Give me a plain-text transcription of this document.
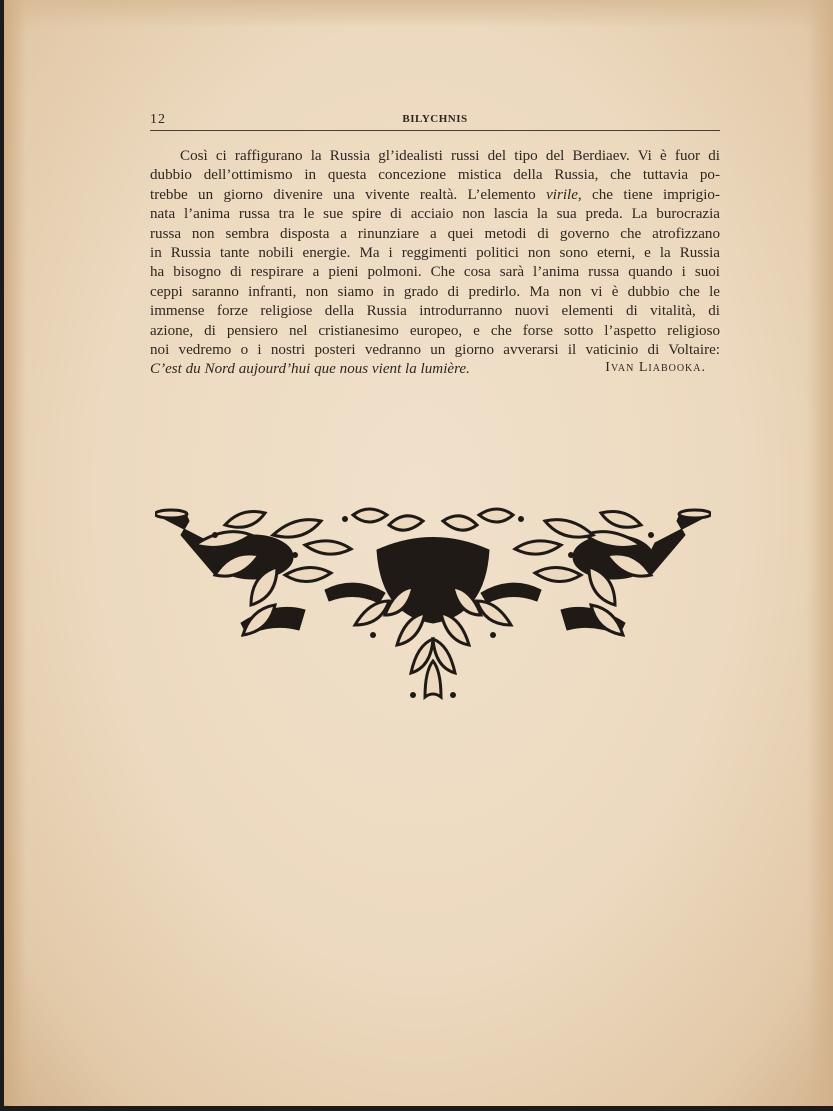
12	BILYCHNIS
Così ci raffigurano la Russia gl’idealisti russi del tipo del Berdiaev. Vi è fuor di
dubbio dell’ottimismo in questa concezione mistica della Russia, che tuttavia po-
trebbe un giorno divenire una vivente realtà. L’elemento virile, che tiene imprigio-
nata l’anima russa tra le sue spire di acciaio non lascia la sua preda. La burocrazia
russa non sembra disposta a rinunziare a quei metodi di governo che atrofizzano
in Russia tante nobili energie. Ma i reggimenti politici non sono eterni, e la Russia
ha bisogno di respirare a pieni polmoni. Che cosa sarà l’anima russa quando i suoi
ceppi saranno infranti, non siamo in grado di predirlo. Ma non vi è dubbio che le
immense forze religiose della Russia introdurranno nuovi elementi di vitalità, di
azione, di pensiero nel cristianesimo europeo, e che forse sotto l’aspetto religioso
noi vedremo o i nostri posteri vedranno un giorno avverarsi il vaticinio di Voltaire:
C’est du Nord aujourd’hui que nous vient la lumière.	Ivan Liabooka.
